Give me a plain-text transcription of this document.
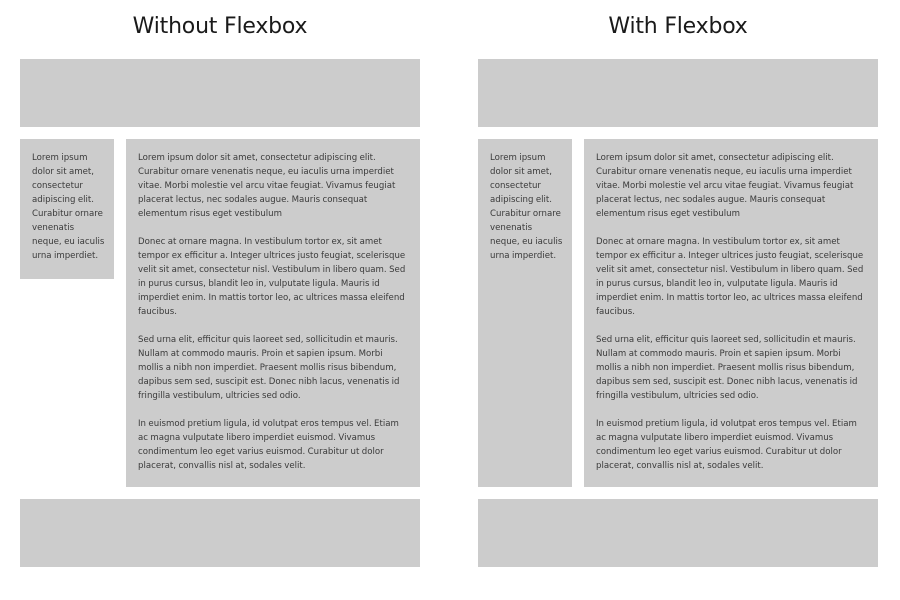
Without Flexbox

Lorem ipsum dolor sit amet, consectetur adipiscing elit. Curabitur ornare venenatis neque, eu iaculis urna imperdiet.

Lorem ipsum dolor sit amet, consectetur adipiscing elit. Curabitur ornare venenatis neque, eu iaculis urna imperdiet vitae. Morbi molestie vel arcu vitae feugiat. Vivamus feugiat placerat lectus, nec sodales augue. Mauris consequat elementum risus eget vestibulum

Donec at ornare magna. In vestibulum tortor ex, sit amet tempor ex efficitur a. Integer ultrices justo feugiat, scelerisque velit sit amet, consectetur nisl. Vestibulum in libero quam. Sed in purus cursus, blandit leo in, vulputate ligula. Mauris id imperdiet enim. In mattis tortor leo, ac ultrices massa eleifend faucibus.

Sed urna elit, efficitur quis laoreet sed, sollicitudin et mauris. Nullam at commodo mauris. Proin et sapien ipsum. Morbi mollis a nibh non imperdiet. Praesent mollis risus bibendum, dapibus sem sed, suscipit est. Donec nibh lacus, venenatis id fringilla vestibulum, ultricies sed odio.

In euismod pretium ligula, id volutpat eros tempus vel. Etiam ac magna vulputate libero imperdiet euismod. Vivamus condimentum leo eget varius euismod. Curabitur ut dolor placerat, convallis nisl at, sodales velit.

With Flexbox

Lorem ipsum dolor sit amet, consectetur adipiscing elit. Curabitur ornare venenatis neque, eu iaculis urna imperdiet.

Lorem ipsum dolor sit amet, consectetur adipiscing elit. Curabitur ornare venenatis neque, eu iaculis urna imperdiet vitae. Morbi molestie vel arcu vitae feugiat. Vivamus feugiat placerat lectus, nec sodales augue. Mauris consequat elementum risus eget vestibulum

Donec at ornare magna. In vestibulum tortor ex, sit amet tempor ex efficitur a. Integer ultrices justo feugiat, scelerisque velit sit amet, consectetur nisl. Vestibulum in libero quam. Sed in purus cursus, blandit leo in, vulputate ligula. Mauris id imperdiet enim. In mattis tortor leo, ac ultrices massa eleifend faucibus.

Sed urna elit, efficitur quis laoreet sed, sollicitudin et mauris. Nullam at commodo mauris. Proin et sapien ipsum. Morbi mollis a nibh non imperdiet. Praesent mollis risus bibendum, dapibus sem sed, suscipit est. Donec nibh lacus, venenatis id fringilla vestibulum, ultricies sed odio.

In euismod pretium ligula, id volutpat eros tempus vel. Etiam ac magna vulputate libero imperdiet euismod. Vivamus condimentum leo eget varius euismod. Curabitur ut dolor placerat, convallis nisl at, sodales velit.
